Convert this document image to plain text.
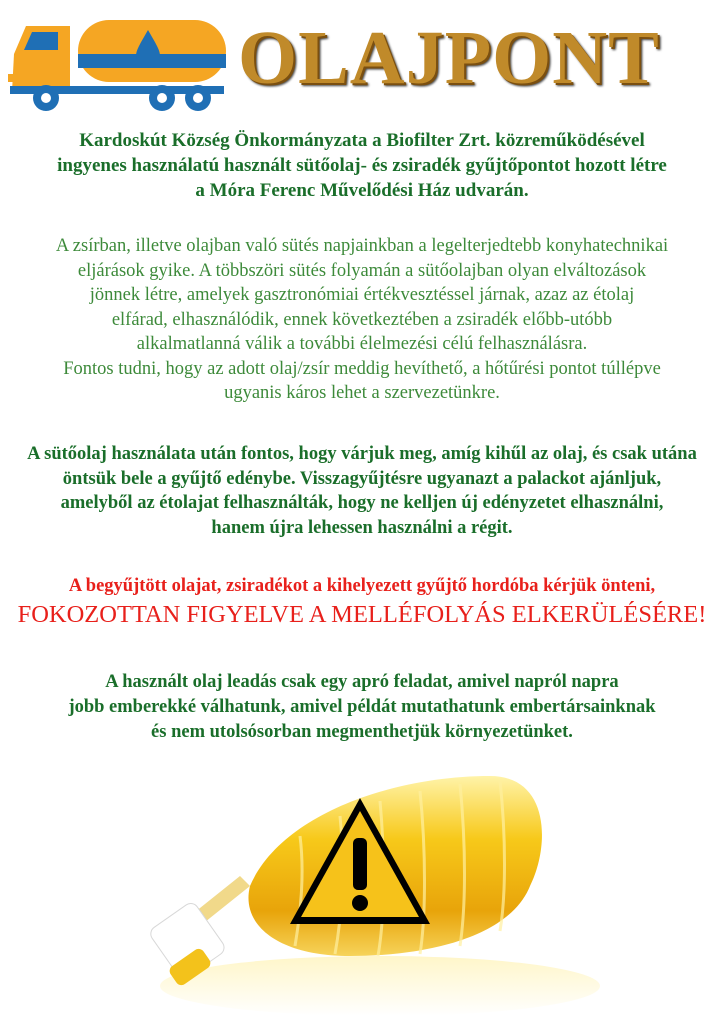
OLAJPONT
Kardoskút Község Önkormányzata a Biofilter Zrt. közreműködésével
ingyenes használatú használt sütőolaj- és zsiradék gyűjtőpontot hozott létre
a Móra Ferenc Művelődési Ház udvarán.
A zsírban, illetve olajban való sütés napjainkban a legelterjedtebb konyhatechnikai
eljárások gyike. A többszöri sütés folyamán a sütőolajban olyan elváltozások
jönnek létre, amelyek gasztronómiai értékvesztéssel járnak, azaz az étolaj
elfárad, elhasználódik, ennek következtében a zsiradék előbb-utóbb
alkalmatlanná válik a további élelmezési célú felhasználásra.
Fontos tudni, hogy az adott olaj/zsír meddig hevíthető, a hőtűrési pontot túllépve
ugyanis káros lehet a szervezetünkre.
A sütőolaj használata után fontos, hogy várjuk meg, amíg kihűl az olaj, és csak utána
öntsük bele a gyűjtő edénybe. Visszagyűjtésre ugyanazt a palackot ajánljuk,
amelyből az étolajat felhasználták, hogy ne kelljen új edényzetet elhasználni,
hanem újra lehessen használni a régit.
A begyűjtött olajat, zsiradékot a kihelyezett gyűjtő hordóba kérjük önteni,
FOKOZOTTAN FIGYELVE A MELLÉFOLYÁS ELKERÜLÉSÉRE!
A használt olaj leadás csak egy apró feladat, amivel napról napra
jobb emberekké válhatunk, amivel példát mutathatunk embertársainknak
és nem utolsósorban megmenthetjük környezetünket.
